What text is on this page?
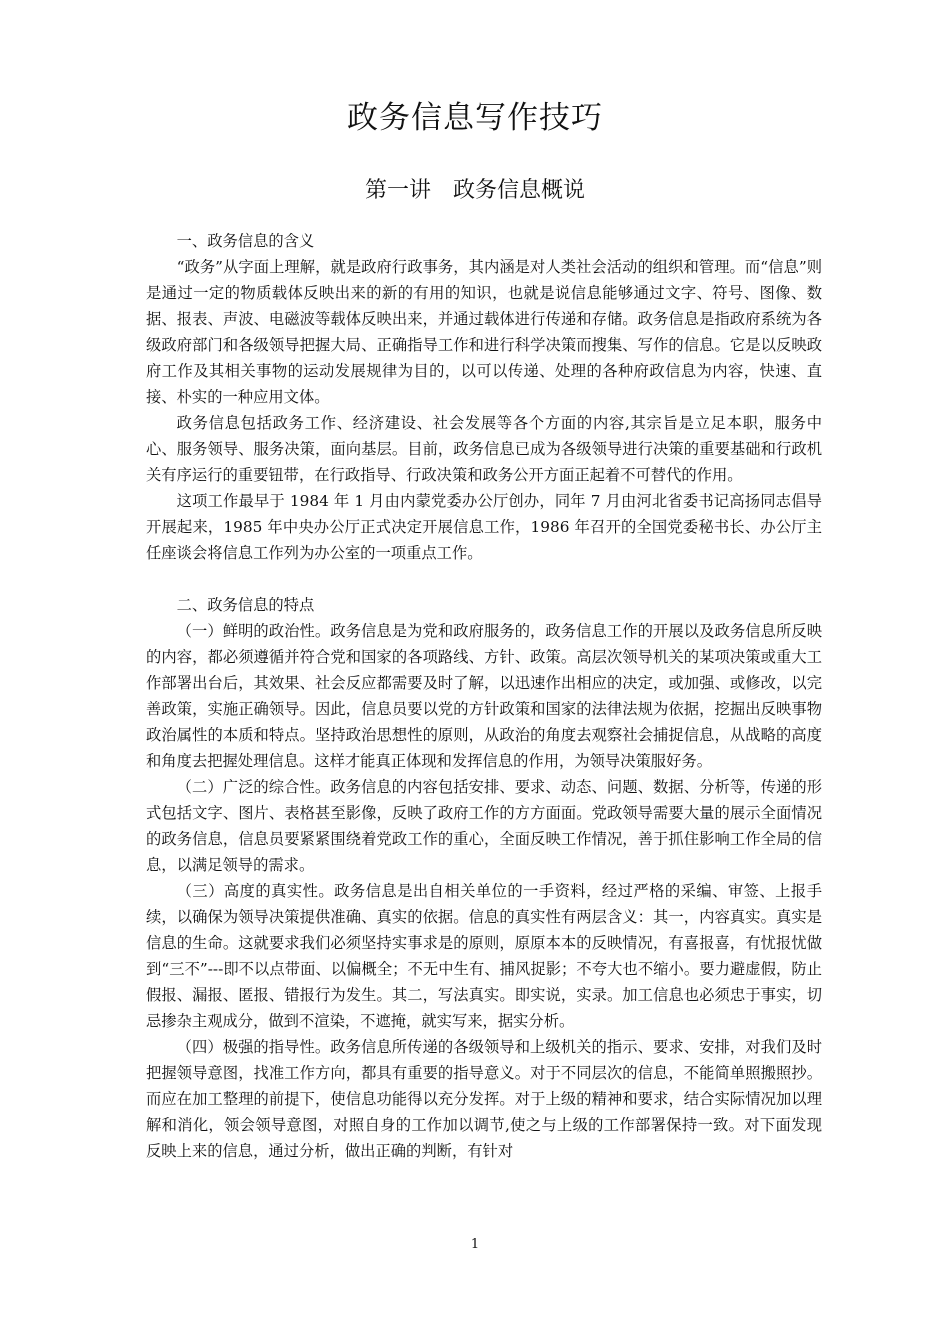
政务信息写作技巧
第一讲　政务信息概说

一、政务信息的含义

“政务”从字面上理解，就是政府行政事务，其内涵是对人类社会活动的组织和管理。而“信息”则是通过一定的物质载体反映出来的新的有用的知识，也就是说信息能够通过文字、符号、图像、数据、报表、声波、电磁波等载体反映出来，并通过载体进行传递和存储。政务信息是指政府系统为各级政府部门和各级领导把握大局、正确指导工作和进行科学决策而搜集、写作的信息。它是以反映政府工作及其相关事物的运动发展规律为目的，以可以传递、处理的各种府政信息为内容，快速、直接、朴实的一种应用文体。

政务信息包括政务工作、经济建设、社会发展等各个方面的内容,其宗旨是立足本职，服务中心、服务领导、服务决策，面向基层。目前，政务信息已成为各级领导进行决策的重要基础和行政机关有序运行的重要钮带，在行政指导、行政决策和政务公开方面正起着不可替代的作用。

这项工作最早于 1984 年 1 月由内蒙党委办公厅创办，同年 7 月由河北省委书记高扬同志倡导开展起来，1985 年中央办公厅正式决定开展信息工作，1986 年召开的全国党委秘书长、办公厅主任座谈会将信息工作列为办公室的一项重点工作。

二、政务信息的特点

（一）鲜明的政治性。政务信息是为党和政府服务的，政务信息工作的开展以及政务信息所反映的内容，都必须遵循并符合党和国家的各项路线、方针、政策。高层次领导机关的某项决策或重大工作部署出台后，其效果、社会反应都需要及时了解，以迅速作出相应的决定，或加强、或修改，以完善政策，实施正确领导。因此，信息员要以党的方针政策和国家的法律法规为依据，挖掘出反映事物政治属性的本质和特点。坚持政治思想性的原则，从政治的角度去观察社会捕捉信息，从战略的高度和角度去把握处理信息。这样才能真正体现和发挥信息的作用，为领导决策服好务。

（二）广泛的综合性。政务信息的内容包括安排、要求、动态、问题、数据、分析等，传递的形式包括文字、图片、表格甚至影像，反映了政府工作的方方面面。党政领导需要大量的展示全面情况的政务信息，信息员要紧紧围绕着党政工作的重心，全面反映工作情况，善于抓住影响工作全局的信息，以满足领导的需求。

（三）高度的真实性。政务信息是出自相关单位的一手资料，经过严格的采编、审签、上报手续，以确保为领导决策提供准确、真实的依据。信息的真实性有两层含义：其一，内容真实。真实是信息的生命。这就要求我们必须坚持实事求是的原则，原原本本的反映情况，有喜报喜，有忧报忧做到“三不”---即不以点带面、以偏概全；不无中生有、捕风捉影；不夸大也不缩小。要力避虚假，防止假报、漏报、匿报、错报行为发生。其二，写法真实。即实说，实录。加工信息也必须忠于事实，切忌掺杂主观成分，做到不渲染，不遮掩，就实写来，据实分析。

（四）极强的指导性。政务信息所传递的各级领导和上级机关的指示、要求、安排，对我们及时把握领导意图，找准工作方向，都具有重要的指导意义。对于不同层次的信息，不能简单照搬照抄。而应在加工整理的前提下，使信息功能得以充分发挥。对于上级的精神和要求，结合实际情况加以理解和消化，领会领导意图，对照自身的工作加以调节,使之与上级的工作部署保持一致。对下面发现反映上来的信息，通过分析，做出正确的判断，有针对

1
